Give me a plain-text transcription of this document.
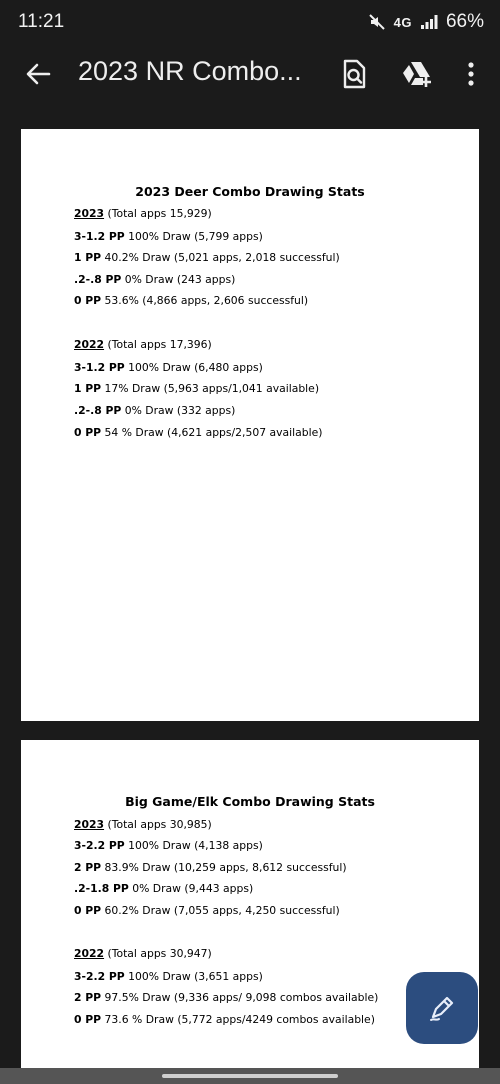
11:21	4G 66%
2023 NR Combo...
2023 Deer Combo Drawing Stats
2023 (Total apps 15,929)
3-1.2 PP 100% Draw (5,799 apps)
1 PP 40.2% Draw (5,021 apps, 2,018 successful)
.2-.8 PP 0% Draw (243 apps)
0 PP 53.6% (4,866 apps, 2,606 successful)
2022 (Total apps 17,396)
3-1.2 PP 100% Draw (6,480 apps)
1 PP 17% Draw (5,963 apps/1,041 available)
.2-.8 PP 0% Draw (332 apps)
0 PP 54 % Draw (4,621 apps/2,507 available)
Big Game/Elk Combo Drawing Stats
2023 (Total apps 30,985)
3-2.2 PP 100% Draw (4,138 apps)
2 PP 83.9% Draw (10,259 apps, 8,612 successful)
.2-1.8 PP 0% Draw (9,443 apps)
0 PP 60.2% Draw (7,055 apps, 4,250 successful)
2022 (Total apps 30,947)
3-2.2 PP 100% Draw (3,651 apps)
2 PP 97.5% Draw (9,336 apps/ 9,098 combos available)
0 PP 73.6 % Draw (5,772 apps/4249 combos available)
